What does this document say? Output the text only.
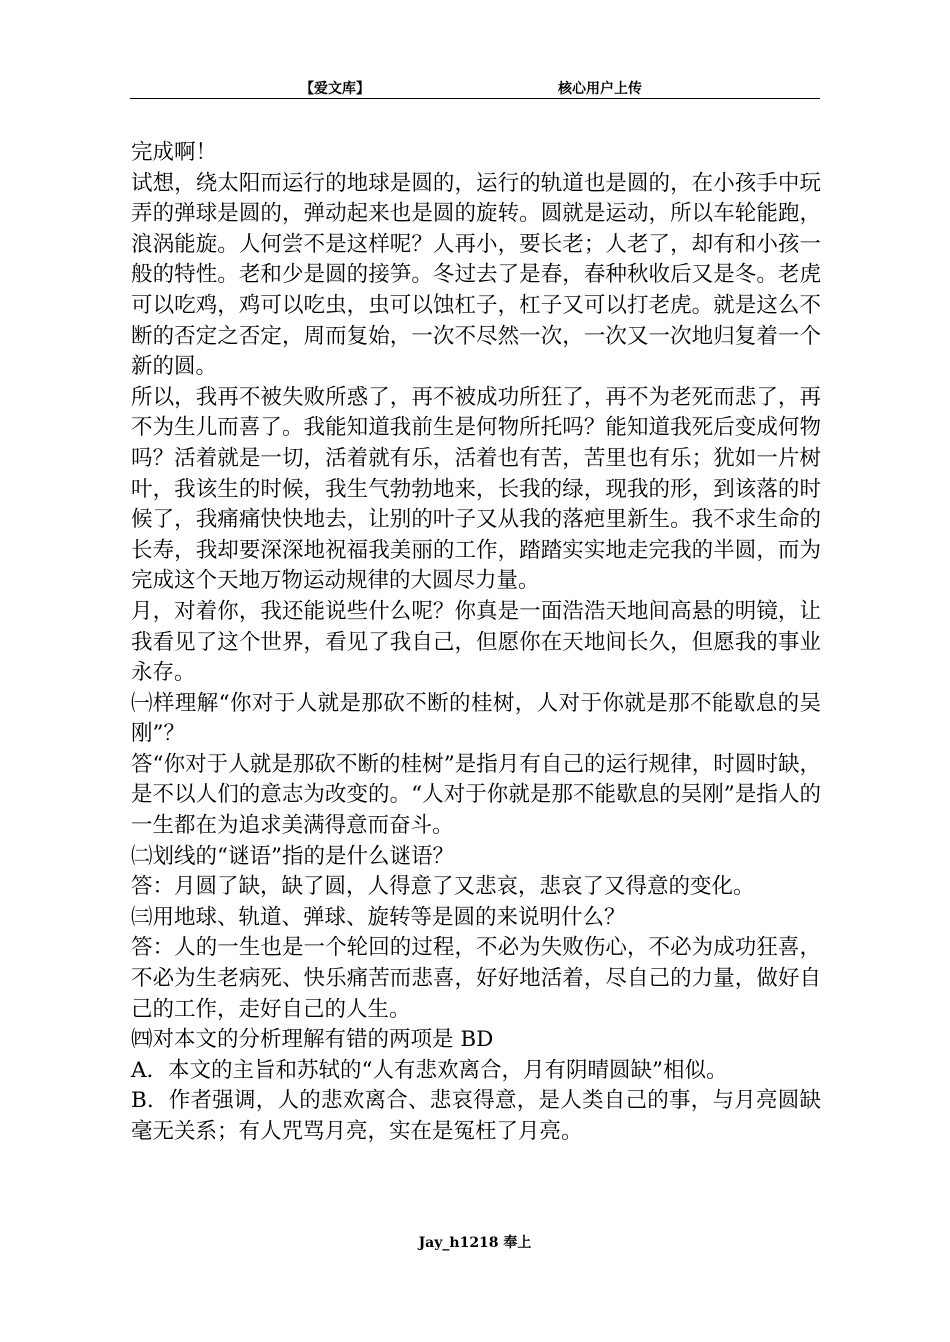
【爱文库】	核心用户上传

完成啊！

试想，绕太阳而运行的地球是圆的，运行的轨道也是圆的，在小孩手中玩弄的弹球是圆的，弹动起来也是圆的旋转。圆就是运动，所以车轮能跑，浪涡能旋。人何尝不是这样呢？人再小，要长老；人老了，却有和小孩一般的特性。老和少是圆的接笋。冬过去了是春，春种秋收后又是冬。老虎可以吃鸡，鸡可以吃虫，虫可以蚀杠子，杠子又可以打老虎。就是这么不断的否定之否定，周而复始，一次不尽然一次，一次又一次地归复着一个新的圆。

所以，我再不被失败所惑了，再不被成功所狂了，再不为老死而悲了，再不为生儿而喜了。我能知道我前生是何物所托吗？能知道我死后变成何物吗？活着就是一切，活着就有乐，活着也有苦，苦里也有乐；犹如一片树叶，我该生的时候，我生气勃勃地来，长我的绿，现我的形，到该落的时候了，我痛痛快快地去，让别的叶子又从我的落疤里新生。我不求生命的长寿，我却要深深地祝福我美丽的工作，踏踏实实地走完我的半圆，而为完成这个天地万物运动规律的大圆尽力量。

月，对着你，我还能说些什么呢？你真是一面浩浩天地间高悬的明镜，让我看见了这个世界，看见了我自己，但愿你在天地间长久，但愿我的事业永存。

㈠样理解“你对于人就是那砍不断的桂树，人对于你就是那不能歇息的吴刚”？

答“你对于人就是那砍不断的桂树”是指月有自己的运行规律，时圆时缺，是不以人们的意志为改变的。“人对于你就是那不能歇息的吴刚”是指人的一生都在为追求美满得意而奋斗。

㈡划线的“谜语”指的是什么谜语？

答：月圆了缺，缺了圆，人得意了又悲哀，悲哀了又得意的变化。

㈢用地球、轨道、弹球、旋转等是圆的来说明什么？

答：人的一生也是一个轮回的过程，不必为失败伤心，不必为成功狂喜，不必为生老病死、快乐痛苦而悲喜，好好地活着，尽自己的力量，做好自己的工作，走好自己的人生。

㈣对本文的分析理解有错的两项是 BD

A．本文的主旨和苏轼的“人有悲欢离合，月有阴晴圆缺”相似。

B．作者强调，人的悲欢离合、悲哀得意，是人类自己的事，与月亮圆缺毫无关系；有人咒骂月亮，实在是冤枉了月亮。

Jay_h1218 奉上
